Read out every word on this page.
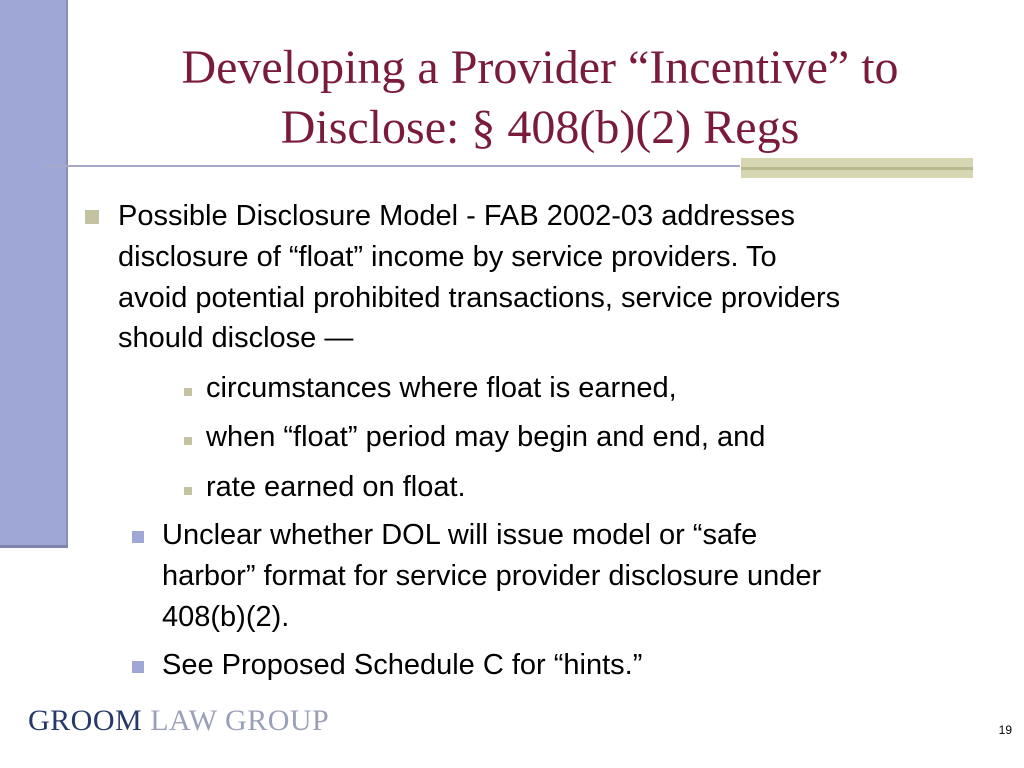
Developing a Provider “Incentive” to
Disclose: § 408(b)(2) Regs
Possible Disclosure Model - FAB 2002-03 addresses
disclosure of “float” income by service providers. To
avoid potential prohibited transactions, service providers
should disclose —
circumstances where float is earned,
when “float” period may begin and end, and
rate earned on float.
Unclear whether DOL will issue model or “safe
harbor” format for service provider disclosure under
408(b)(2).
See Proposed Schedule C for “hints.”
GROOM LAW GROUP	19
